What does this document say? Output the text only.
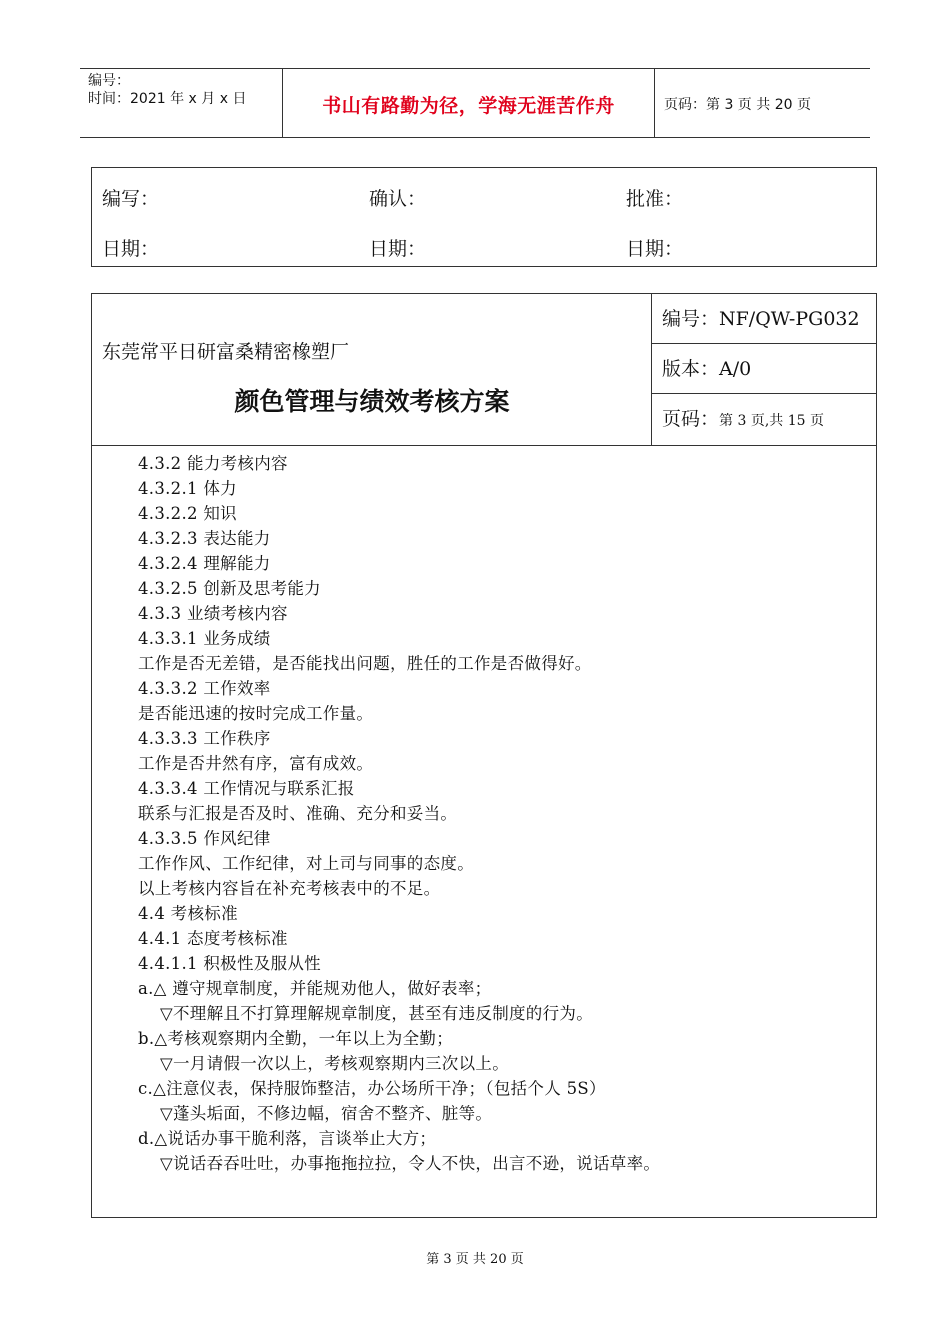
编号：
时间：2021 年 x 月 x 日	书山有路勤为径，学海无涯苦作舟	页码：第 3 页 共 20 页
编写：	确认：	批准：
日期：	日期：	日期：
东莞常平日研富桑精密橡塑厂
颜色管理与绩效考核方案
编号：NF/QW-PG032
版本：A/0
页码：第 3 页,共 15 页
4.3.2 能力考核内容
4.3.2.1 体力
4.3.2.2 知识
4.3.2.3 表达能力
4.3.2.4 理解能力
4.3.2.5 创新及思考能力
4.3.3 业绩考核内容
4.3.3.1 业务成绩
工作是否无差错，是否能找出问题，胜任的工作是否做得好。
4.3.3.2 工作效率
是否能迅速的按时完成工作量。
4.3.3.3 工作秩序
工作是否井然有序，富有成效。
4.3.3.4 工作情况与联系汇报
联系与汇报是否及时、准确、充分和妥当。
4.3.3.5 作风纪律
工作作风、工作纪律，对上司与同事的态度。
以上考核内容旨在补充考核表中的不足。
4.4 考核标准
4.4.1 态度考核标准
4.4.1.1 积极性及服从性
a.△ 遵守规章制度，并能规劝他人，做好表率；
▽不理解且不打算理解规章制度，甚至有违反制度的行为。
b.△考核观察期内全勤，一年以上为全勤；
▽一月请假一次以上，考核观察期内三次以上。
c.△注意仪表，保持服饰整洁，办公场所干净；（包括个人 5S）
▽蓬头垢面，不修边幅，宿舍不整齐、脏等。
d.△说话办事干脆利落，言谈举止大方；
▽说话吞吞吐吐，办事拖拖拉拉，令人不快，出言不逊，说话草率。
第 3 页 共 20 页
